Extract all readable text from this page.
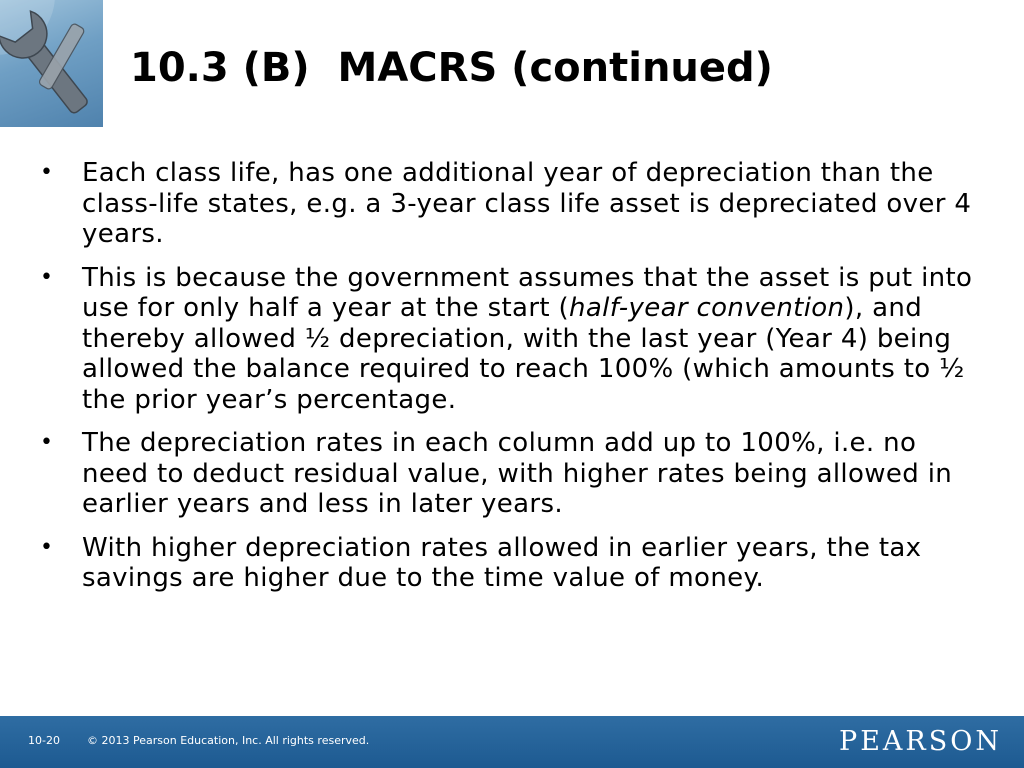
10.3 (B)  MACRS (continued)
• Each class life, has one additional year of depreciation than the class-life states, e.g. a 3-year class life asset is depreciated over 4 years.
• This is because the government assumes that the asset is put into use for only half a year at the start (half-year convention), and thereby allowed ½ depreciation, with the last year (Year 4) being allowed the balance required to reach 100% (which amounts to ½ the prior year’s percentage.
• The depreciation rates in each column add up to 100%, i.e. no need to deduct residual value, with higher rates being allowed in earlier years and less in later years.
• With higher depreciation rates allowed in earlier years, the tax savings are higher due to the time value of money.
10-20 © 2013 Pearson Education, Inc. All rights reserved.	PEARSON
